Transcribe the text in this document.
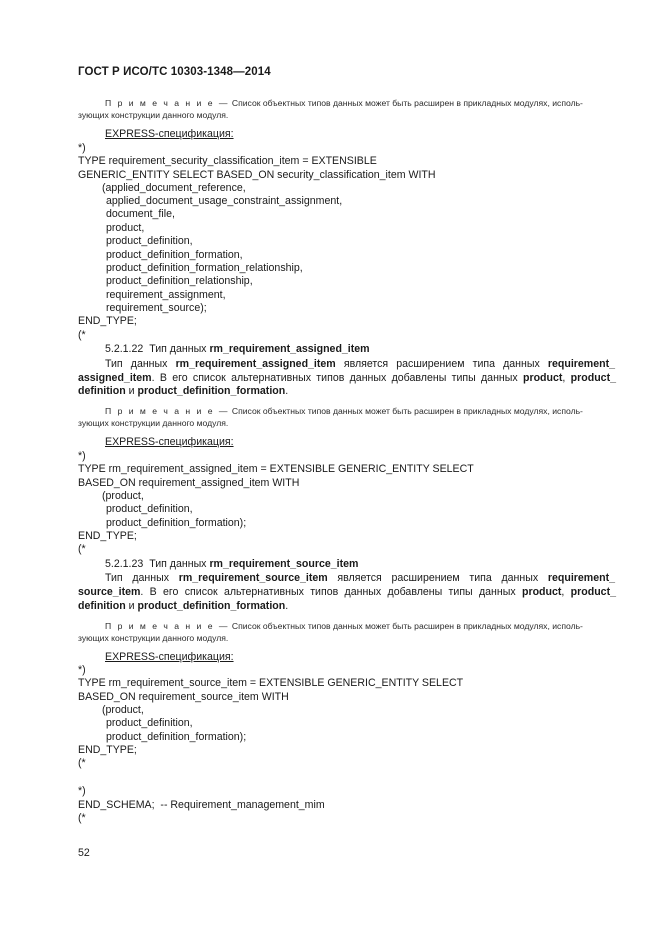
ГОСТ Р ИСО/ТС 10303-1348—2014
П р и м е ч а н и е — Список объектных типов данных может быть расширен в прикладных модулях, исполь-
зующих конструкции данного модуля.
EXPRESS-спецификация:
*)
TYPE requirement_security_classification_item = EXTENSIBLE
GENERIC_ENTITY SELECT BASED_ON security_classification_item WITH
(applied_document_reference,
applied_document_usage_constraint_assignment,
document_file,
product,
product_definition,
product_definition_formation,
product_definition_formation_relationship,
product_definition_relationship,
requirement_assignment,
requirement_source);
END_TYPE;
(*
5.2.1.22 Тип данных rm_requirement_assigned_item
Тип данных rm_requirement_assigned_item является расширением типа данных requirement_
assigned_item. В его список альтернативных типов данных добавлены типы данных product, product_
definition и product_definition_formation.
П р и м е ч а н и е — Список объектных типов данных может быть расширен в прикладных модулях, исполь-
зующих конструкции данного модуля.
EXPRESS-спецификация:
*)
TYPE rm_requirement_assigned_item = EXTENSIBLE GENERIC_ENTITY SELECT
BASED_ON requirement_assigned_item WITH
(product,
product_definition,
product_definition_formation);
END_TYPE;
(*
5.2.1.23 Тип данных rm_requirement_source_item
Тип данных rm_requirement_source_item является расширением типа данных requirement_
source_item. В его список альтернативных типов данных добавлены типы данных product, product_
definition и product_definition_formation.
П р и м е ч а н и е — Список объектных типов данных может быть расширен в прикладных модулях, исполь-
зующих конструкции данного модуля.
EXPRESS-спецификация:
*)
TYPE rm_requirement_source_item = EXTENSIBLE GENERIC_ENTITY SELECT
BASED_ON requirement_source_item WITH
(product,
product_definition,
product_definition_formation);
END_TYPE;
(*
*)
END_SCHEMA;  -- Requirement_management_mim
(*
52
